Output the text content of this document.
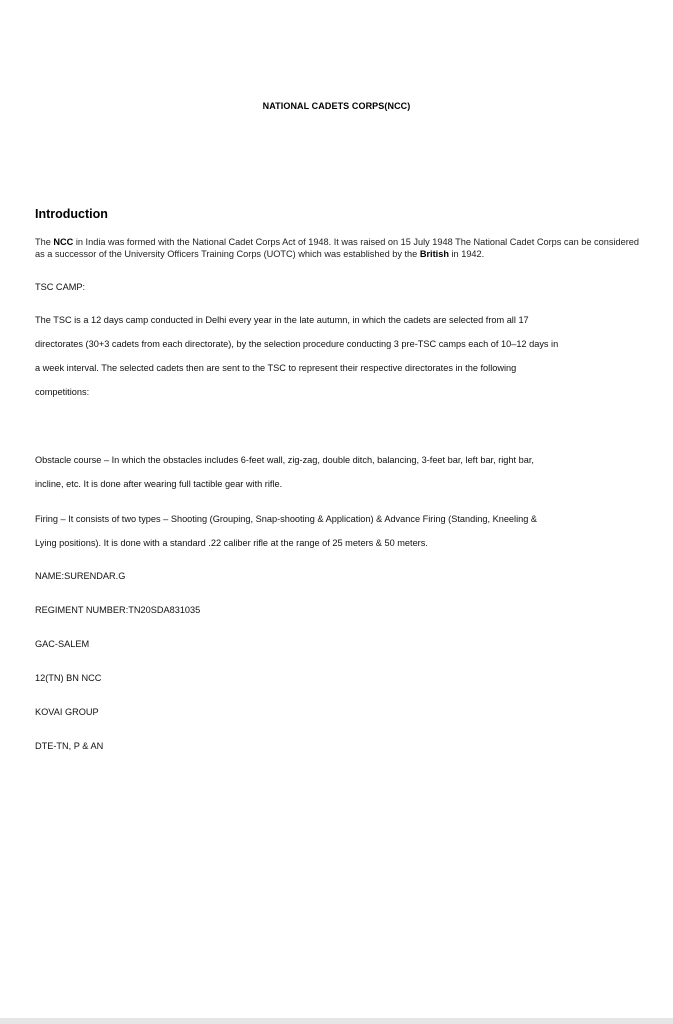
NATIONAL CADETS CORPS(NCC)
Introduction
The NCC in India was formed with the National Cadet Corps Act of 1948. It was raised on 15 July 1948 The National Cadet Corps can be considered as a successor of the University Officers Training Corps (UOTC) which was established by the British in 1942.
TSC CAMP:
The TSC is a 12 days camp conducted in Delhi every year in the late autumn, in which the cadets are selected from all 17
directorates (30+3 cadets from each directorate), by the selection procedure conducting 3 pre-TSC camps each of 10–12 days in
a week interval. The selected cadets then are sent to the TSC to represent their respective directorates in the following
competitions:
Obstacle course – In which the obstacles includes 6-feet wall, zig-zag, double ditch, balancing, 3-feet bar, left bar, right bar,
incline, etc. It is done after wearing full tactible gear with rifle.
Firing – It consists of two types – Shooting (Grouping, Snap-shooting & Application) & Advance Firing (Standing, Kneeling &
Lying positions). It is done with a standard .22 caliber rifle at the range of 25 meters & 50 meters.
NAME:SURENDAR.G
REGIMENT NUMBER:TN20SDA831035
GAC-SALEM
12(TN) BN NCC
KOVAI GROUP
DTE-TN, P & AN
